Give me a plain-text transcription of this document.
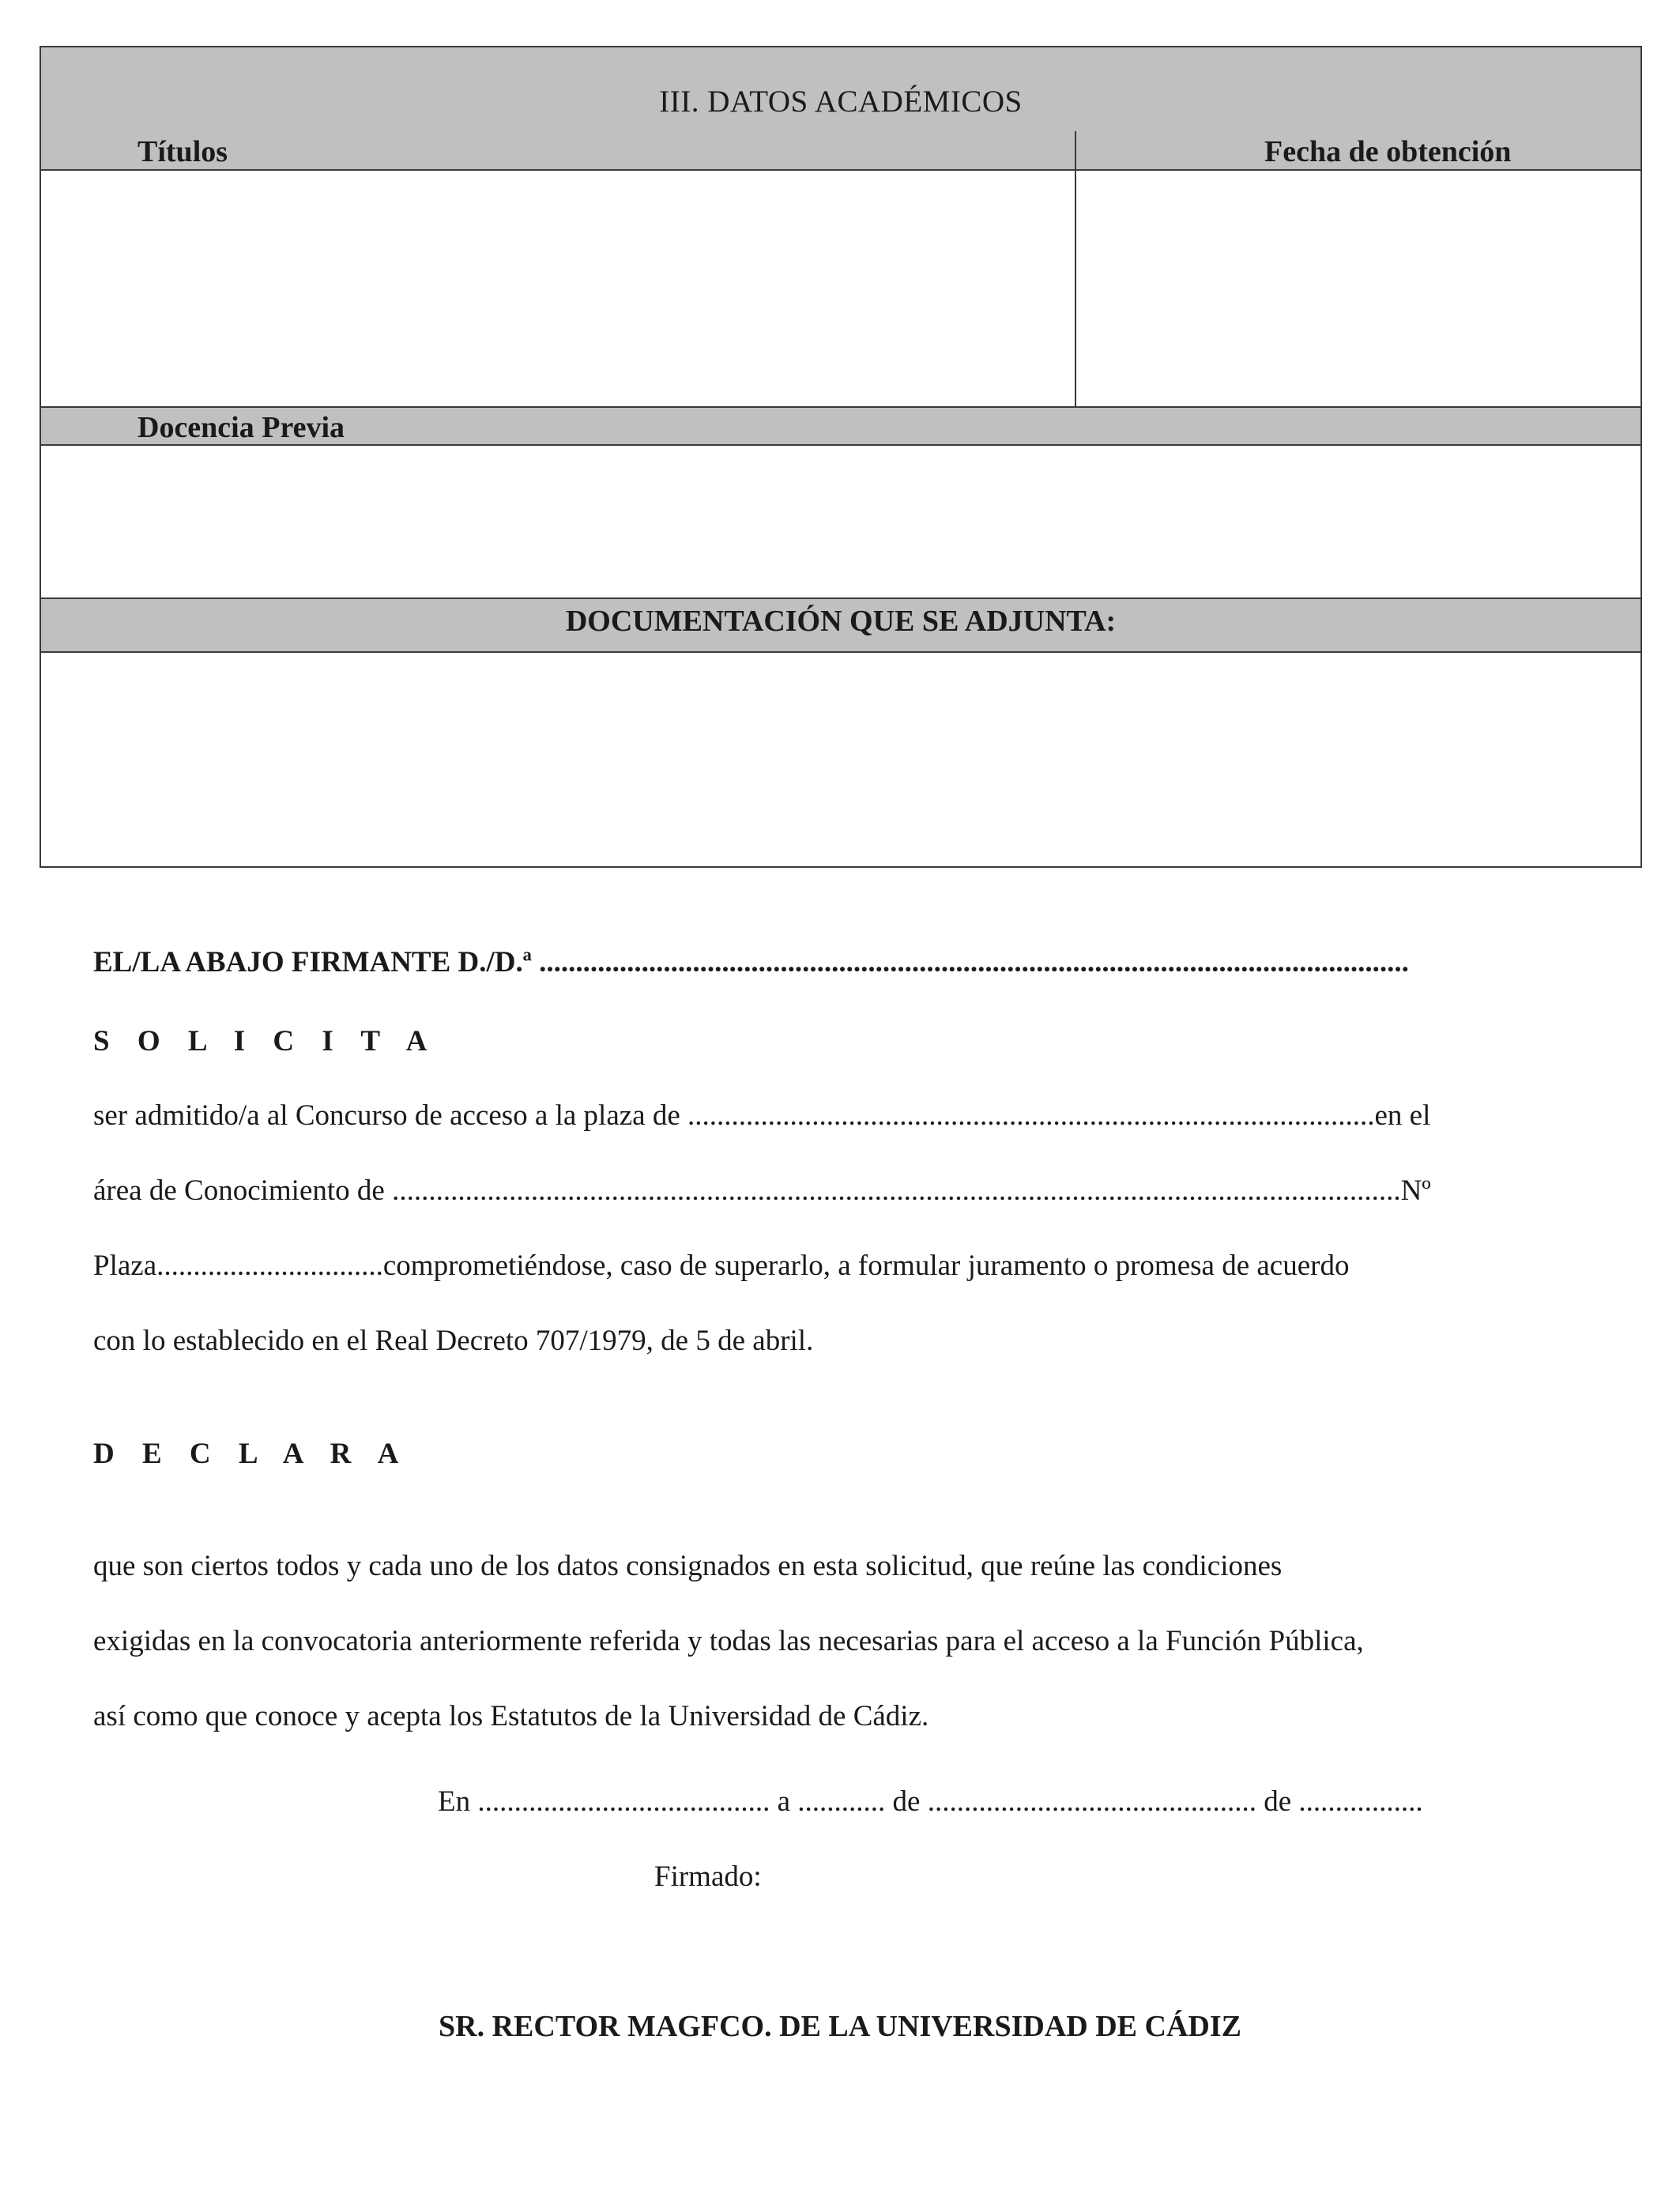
III. DATOS ACADÉMICOS
Títulos	Fecha de obtención
Docencia Previa
DOCUMENTACIÓN QUE SE ADJUNTA:
EL/LA ABAJO FIRMANTE D./D.ª .......................................................................................................................
S O L I C I T A
ser admitido/a al Concurso de acceso a la plaza de ..............................................................................................en el
área de Conocimiento de ..........................................................................................................................................Nº
Plaza...............................comprometiéndose, caso de superarlo, a formular juramento o promesa de acuerdo
con lo establecido en el Real Decreto 707/1979, de 5 de abril.
D E C L A R A
que son ciertos todos y cada uno de los datos consignados en esta solicitud, que reúne las condiciones
exigidas en la convocatoria anteriormente referida y todas las necesarias para el acceso a la Función Pública,
así como que conoce y acepta los Estatutos de la Universidad de Cádiz.
En ........................................ a ............ de ............................................. de .................
Firmado:
SR. RECTOR MAGFCO. DE LA UNIVERSIDAD DE CÁDIZ
